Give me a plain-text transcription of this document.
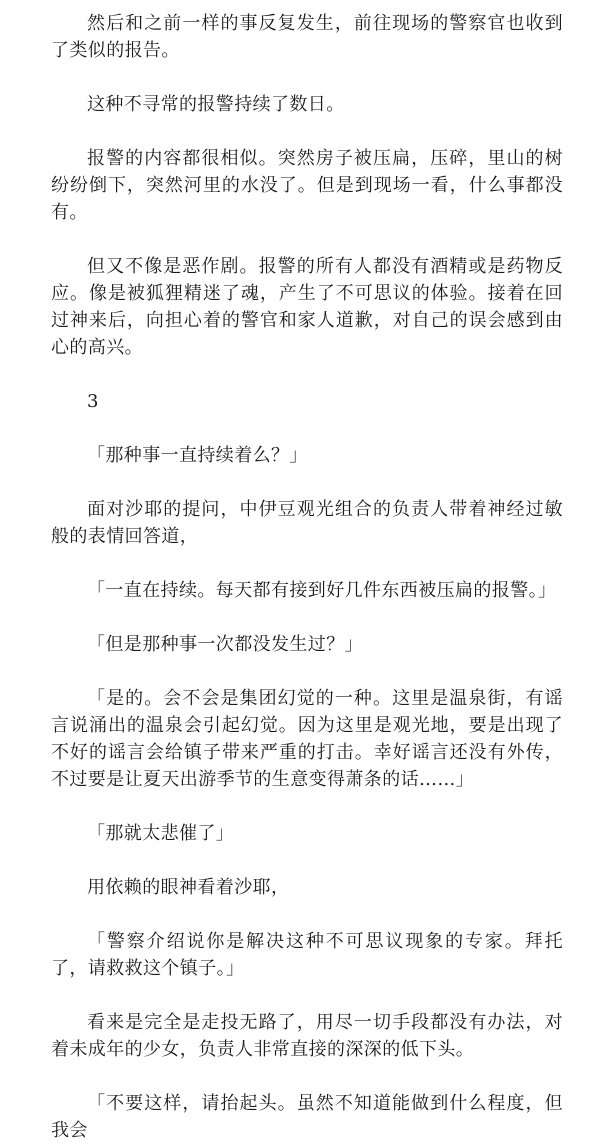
然后和之前一样的事反复发生，前往现场的警察官也收到了类似的报告。

这种不寻常的报警持续了数日。

报警的内容都很相似。突然房子被压扁，压碎，里山的树纷纷倒下，突然河里的水没了。但是到现场一看，什么事都没有。

但又不像是恶作剧。报警的所有人都没有酒精或是药物反应。像是被狐狸精迷了魂，产生了不可思议的体验。接着在回过神来后，向担心着的警官和家人道歉，对自己的误会感到由心的高兴。

3

「那种事一直持续着么？」

面对沙耶的提问，中伊豆观光组合的负责人带着神经过敏般的表情回答道，

「一直在持续。每天都有接到好几件东西被压扁的报警。」

「但是那种事一次都没发生过？」

「是的。会不会是集团幻觉的一种。这里是温泉街，有谣言说涌出的温泉会引起幻觉。因为这里是观光地，要是出现了不好的谣言会给镇子带来严重的打击。幸好谣言还没有外传，不过要是让夏天出游季节的生意变得萧条的话……」

「那就太悲催了」

用依赖的眼神看着沙耶，

「警察介绍说你是解决这种不可思议现象的专家。拜托了，请救救这个镇子。」

看来是完全是走投无路了，用尽一切手段都没有办法，对着未成年的少女，负责人非常直接的深深的低下头。

「不要这样，请抬起头。虽然不知道能做到什么程度，但我会
